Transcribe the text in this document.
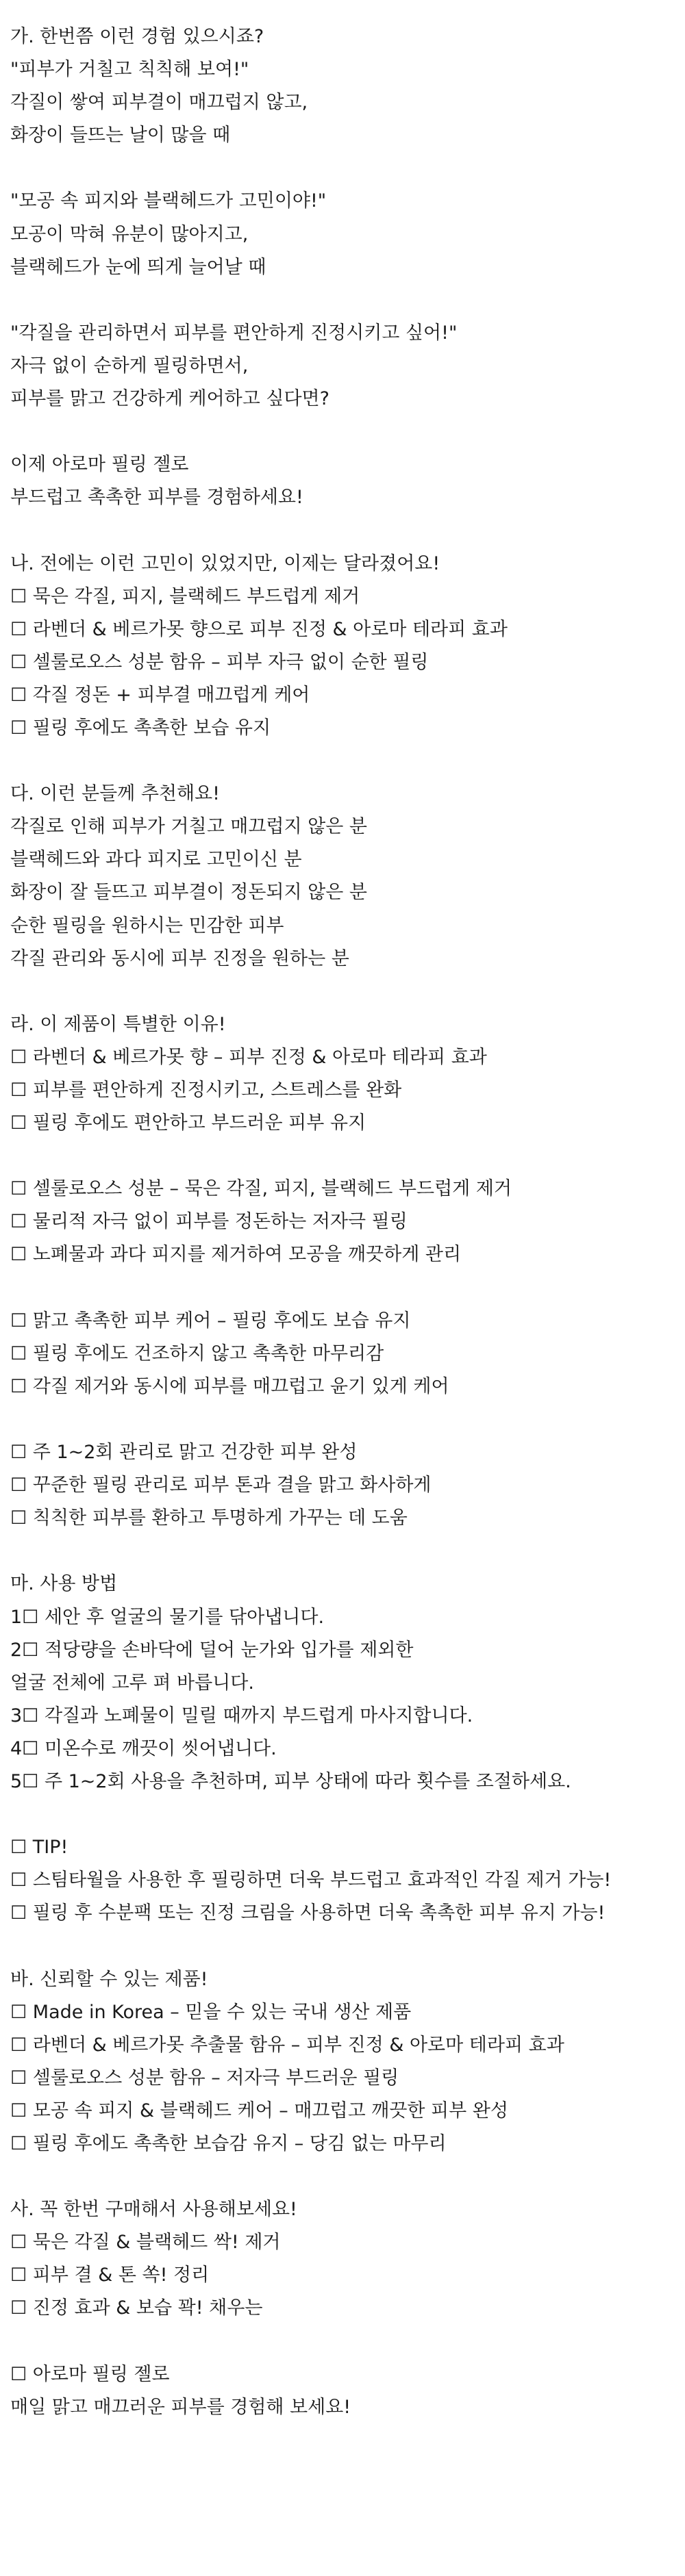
가. 한번쯤 이런 경험 있으시죠?
"피부가 거칠고 칙칙해 보여!"
각질이 쌓여 피부결이 매끄럽지 않고,
화장이 들뜨는 날이 많을 때
"모공 속 피지와 블랙헤드가 고민이야!"
모공이 막혀 유분이 많아지고,
블랙헤드가 눈에 띄게 늘어날 때
"각질을 관리하면서 피부를 편안하게 진정시키고 싶어!"
자극 없이 순하게 필링하면서,
피부를 맑고 건강하게 케어하고 싶다면?
이제 아로마 필링 젤로
부드럽고 촉촉한 피부를 경험하세요!
나. 전에는 이런 고민이 있었지만, 이제는 달라졌어요!
☐ 묵은 각질, 피지, 블랙헤드 부드럽게 제거
☐ 라벤더 & 베르가못 향으로 피부 진정 & 아로마 테라피 효과
☐ 셀룰로오스 성분 함유 – 피부 자극 없이 순한 필링
☐ 각질 정돈 + 피부결 매끄럽게 케어
☐ 필링 후에도 촉촉한 보습 유지
다. 이런 분들께 추천해요!
각질로 인해 피부가 거칠고 매끄럽지 않은 분
블랙헤드와 과다 피지로 고민이신 분
화장이 잘 들뜨고 피부결이 정돈되지 않은 분
순한 필링을 원하시는 민감한 피부
각질 관리와 동시에 피부 진정을 원하는 분
라. 이 제품이 특별한 이유!
☐ 라벤더 & 베르가못 향 – 피부 진정 & 아로마 테라피 효과
☐ 피부를 편안하게 진정시키고, 스트레스를 완화
☐ 필링 후에도 편안하고 부드러운 피부 유지
☐ 셀룰로오스 성분 – 묵은 각질, 피지, 블랙헤드 부드럽게 제거
☐ 물리적 자극 없이 피부를 정돈하는 저자극 필링
☐ 노폐물과 과다 피지를 제거하여 모공을 깨끗하게 관리
☐ 맑고 촉촉한 피부 케어 – 필링 후에도 보습 유지
☐ 필링 후에도 건조하지 않고 촉촉한 마무리감
☐ 각질 제거와 동시에 피부를 매끄럽고 윤기 있게 케어
☐ 주 1~2회 관리로 맑고 건강한 피부 완성
☐ 꾸준한 필링 관리로 피부 톤과 결을 맑고 화사하게
☐ 칙칙한 피부를 환하고 투명하게 가꾸는 데 도움
마. 사용 방법
1☐ 세안 후 얼굴의 물기를 닦아냅니다.
2☐ 적당량을 손바닥에 덜어 눈가와 입가를 제외한
얼굴 전체에 고루 펴 바릅니다.
3☐ 각질과 노폐물이 밀릴 때까지 부드럽게 마사지합니다.
4☐ 미온수로 깨끗이 씻어냅니다.
5☐ 주 1~2회 사용을 추천하며, 피부 상태에 따라 횟수를 조절하세요.
☐ TIP!
☐ 스팀타월을 사용한 후 필링하면 더욱 부드럽고 효과적인 각질 제거 가능!
☐ 필링 후 수분팩 또는 진정 크림을 사용하면 더욱 촉촉한 피부 유지 가능!
바. 신뢰할 수 있는 제품!
☐ Made in Korea – 믿을 수 있는 국내 생산 제품
☐ 라벤더 & 베르가못 추출물 함유 – 피부 진정 & 아로마 테라피 효과
☐ 셀룰로오스 성분 함유 – 저자극 부드러운 필링
☐ 모공 속 피지 & 블랙헤드 케어 – 매끄럽고 깨끗한 피부 완성
☐ 필링 후에도 촉촉한 보습감 유지 – 당김 없는 마무리
사. 꼭 한번 구매해서 사용해보세요!
☐ 묵은 각질 & 블랙헤드 싹! 제거
☐ 피부 결 & 톤 쏙! 정리
☐ 진정 효과 & 보습 꽉! 채우는
☐ 아로마 필링 젤로
매일 맑고 매끄러운 피부를 경험해 보세요!
